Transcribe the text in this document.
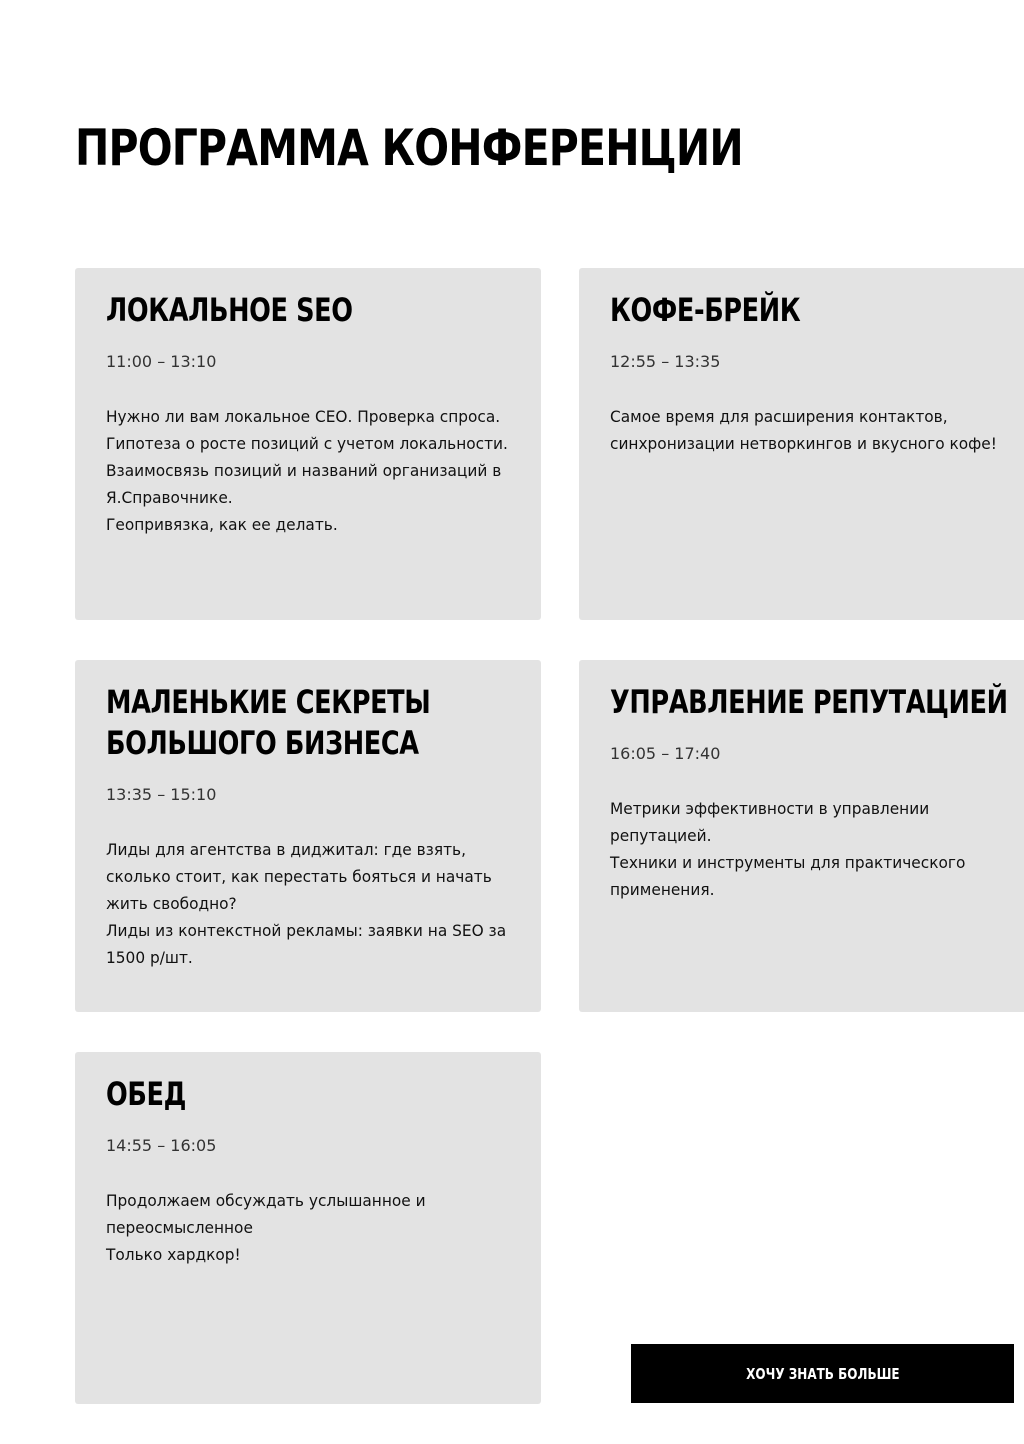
ПРОГРАММА КОНФЕРЕНЦИИ
ЛОКАЛЬНОЕ SEO
11:00 – 13:10
Нужно ли вам локальное СЕО. Проверка спроса.
Гипотеза о росте позиций с учетом локальности.
Взаимосвязь позиций и названий организаций в Я.Справочнике.
Геопривязка, как ее делать.
КОФЕ-БРЕЙК
12:55 – 13:35
Самое время для расширения контактов, синхронизации нетворкингов и вкусного кофе!
МАЛЕНЬКИЕ СЕКРЕТЫ БОЛЬШОГО БИЗНЕСА
13:35 – 15:10
Лиды для агентства в диджитал: где взять, сколько стоит, как перестать бояться и начать жить свободно?
Лиды из контекстной рекламы: заявки на SEO за 1500 р/шт.
УПРАВЛЕНИЕ РЕПУТАЦИЕЙ
16:05 – 17:40
Метрики эффективности в управлении репутацией.
Техники и инструменты для практического применения.
ОБЕД
14:55 – 16:05
Продолжаем обсуждать услышанное и переосмысленное
Только хардкор!
ХОЧУ ЗНАТЬ БОЛЬШЕ
